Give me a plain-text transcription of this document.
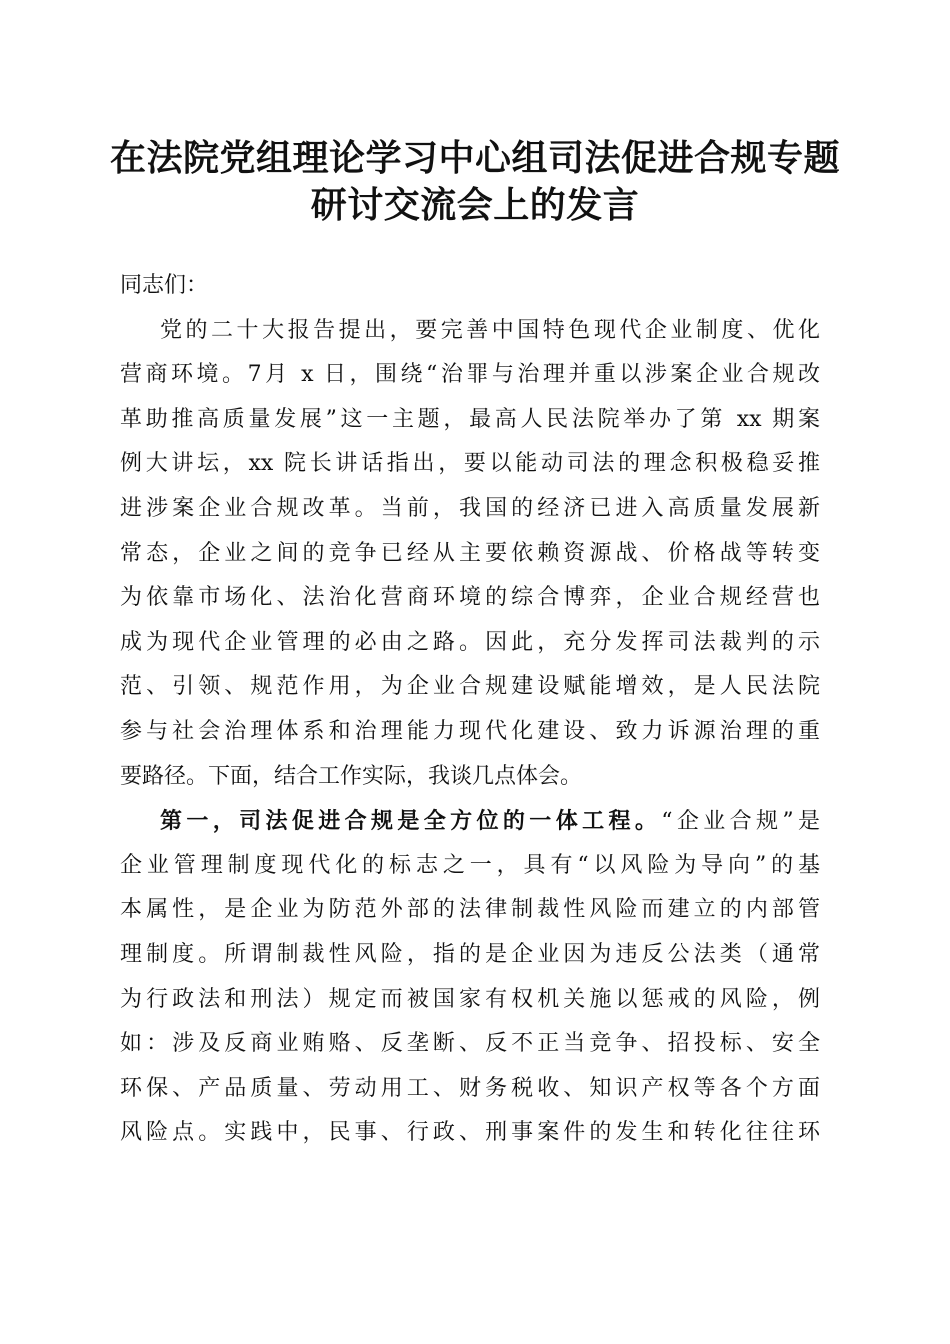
在法院党组理论学习中心组司法促进合规专题
研讨交流会上的发言

同志们：

党的二十大报告提出，要完善中国特色现代企业制度、优化
营商环境。7月 x 日，围绕“治罪与治理并重以涉案企业合规改
革助推高质量发展”这一主题，最高人民法院举办了第 xx 期案
例大讲坛，xx 院长讲话指出，要以能动司法的理念积极稳妥推
进涉案企业合规改革。当前，我国的经济已进入高质量发展新
常态，企业之间的竞争已经从主要依赖资源战、价格战等转变
为依靠市场化、法治化营商环境的综合博弈，企业合规经营也
成为现代企业管理的必由之路。因此，充分发挥司法裁判的示
范、引领、规范作用，为企业合规建设赋能增效，是人民法院
参与社会治理体系和治理能力现代化建设、致力诉源治理的重
要路径。下面，结合工作实际，我谈几点体会。
第一，司法促进合规是全方位的一体工程。“企业合规”是
企业管理制度现代化的标志之一，具有“以风险为导向”的基
本属性，是企业为防范外部的法律制裁性风险而建立的内部管
理制度。所谓制裁性风险，指的是企业因为违反公法类（通常
为行政法和刑法）规定而被国家有权机关施以惩戒的风险，例
如：涉及反商业贿赂、反垄断、反不正当竞争、招投标、安全
环保、产品质量、劳动用工、财务税收、知识产权等各个方面
风险点。实践中，民事、行政、刑事案件的发生和转化往往环
